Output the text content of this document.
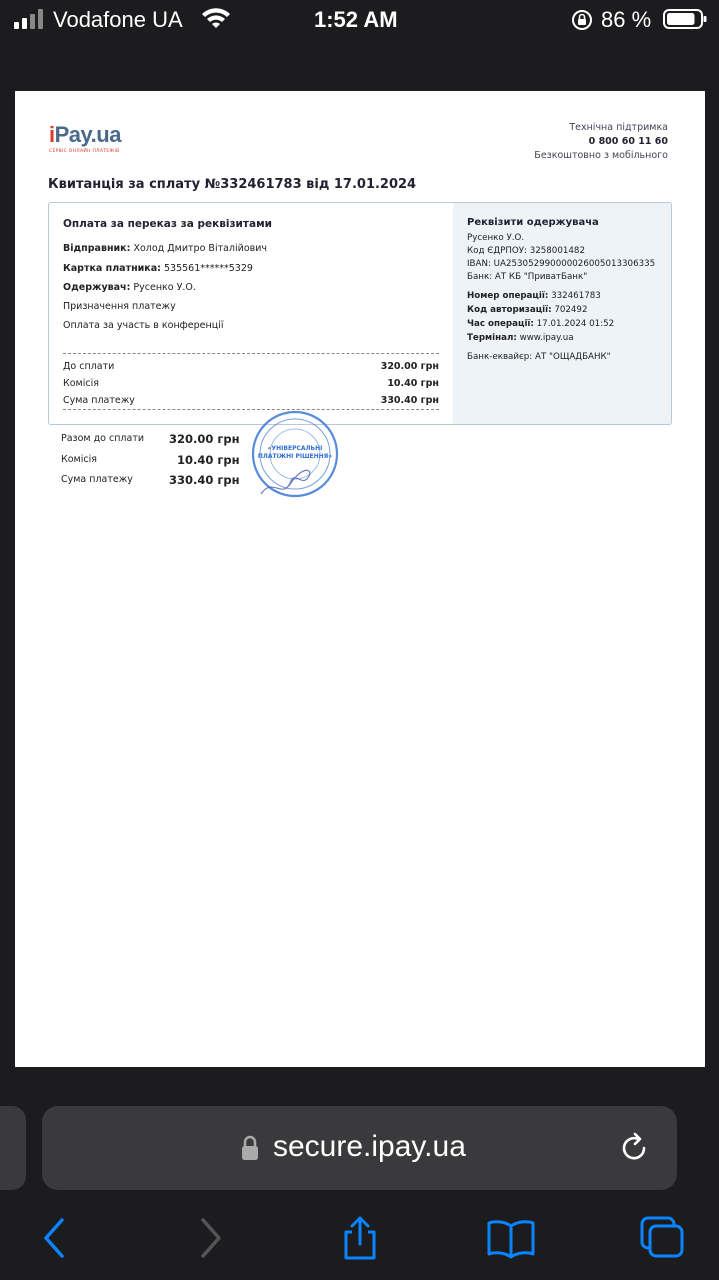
Vodafone UA	1:52 AM	86 %
iPay.ua
СЕРВІС ОНЛАЙН ПЛАТЕЖІВ
Технічна підтримка
0 800 60 11 60
Безкоштовно з мобільного
Квитанція за сплату №332461783 від 17.01.2024
Оплата за переказ за реквізитами
Відправник: Холод Дмитро Віталійович
Картка платника: 535561******5329
Одержувач: Русенко У.О.
Призначення платежу
Оплата за участь в конференції
До сплати	320.00 грн
Комісія	10.40 грн
Сума платежу	330.40 грн
Реквізити одержувача
Русенко У.О.
Код ЄДРПОУ: 3258001482
IBAN: UA253052990000026005013306335
Банк: АТ КБ "ПриватБанк"
Номер операції: 332461783
Код авторизації: 702492
Час операції: 17.01.2024 01:52
Термінал: www.ipay.ua
Банк-еквайєр: АТ "ОЩАДБАНК"
Разом до сплати 320.00 грн
Комісія	10.40 грн
Сума платежу	330.40 грн
«УНІВЕРСАЛЬНІ
ПЛАТІЖНІ РІШЕННЯ»
secure.ipay.ua
